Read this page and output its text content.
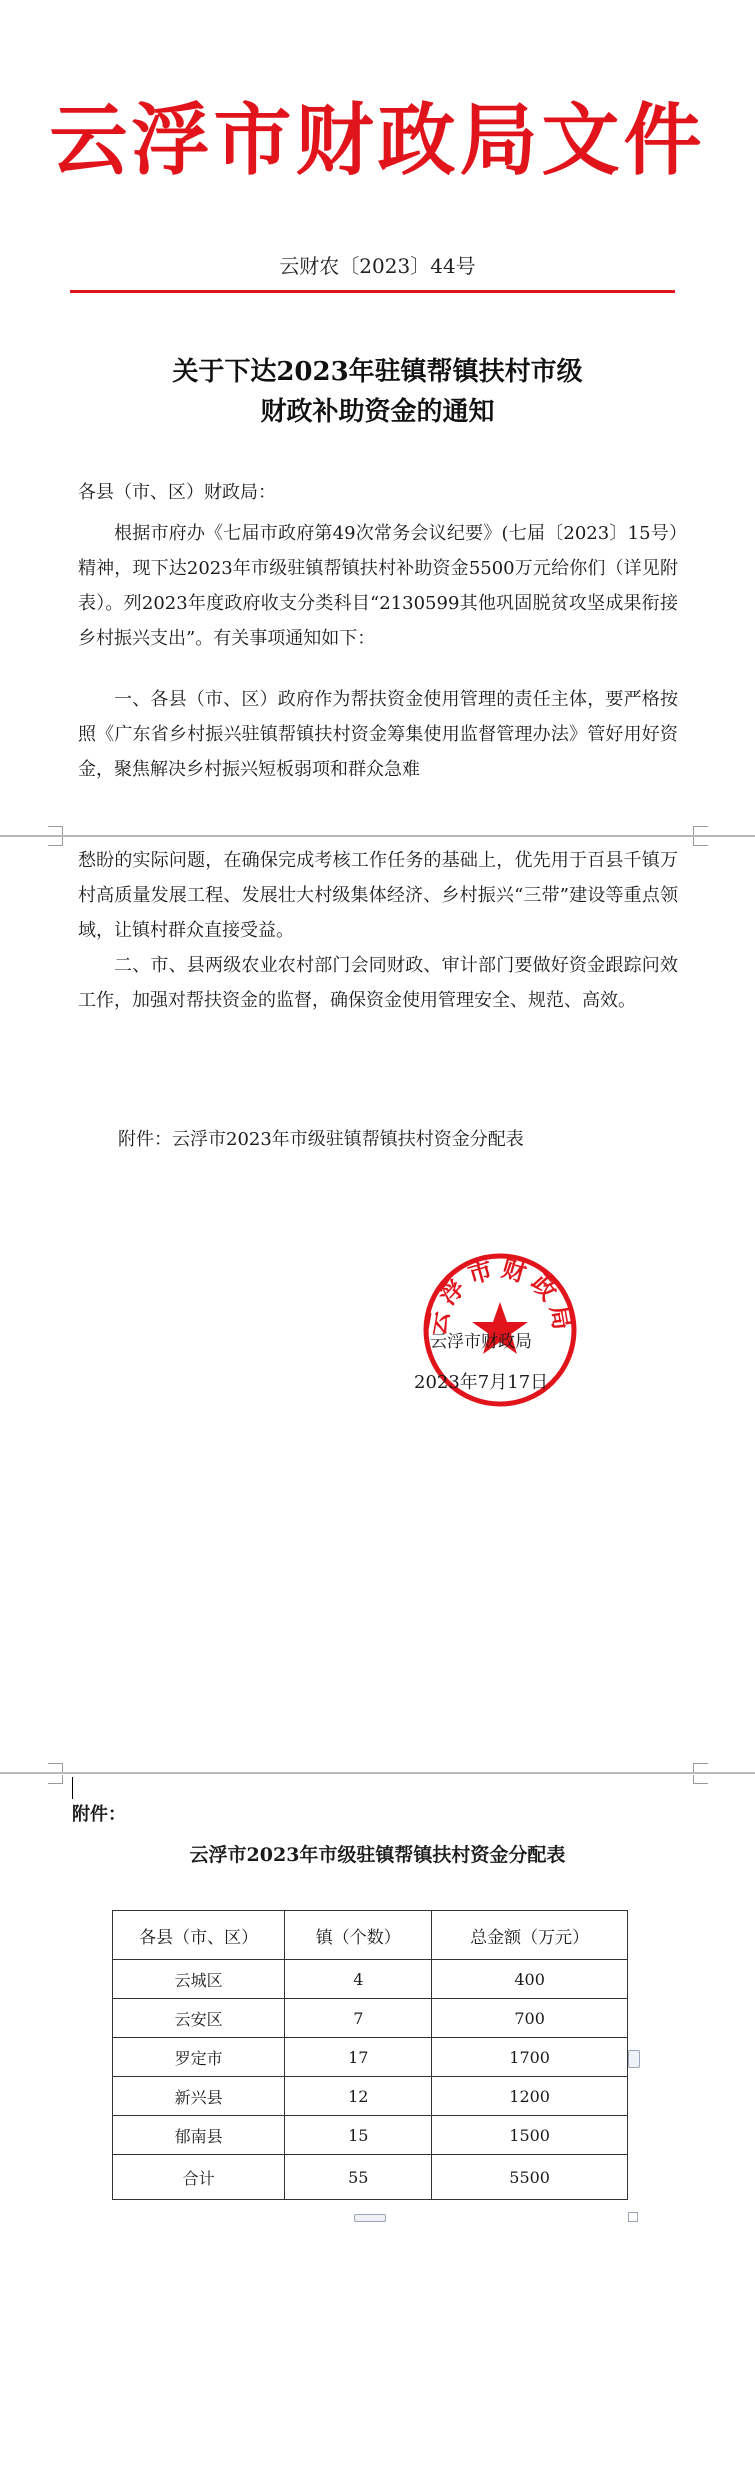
云浮市财政局文件
云财农〔2023〕44号
关于下达2023年驻镇帮镇扶村市级
财政补助资金的通知
各县（市、区）财政局：
根据市府办《七届市政府第49次常务会议纪要》(七届〔2023〕15号）精神，现下达2023年市级驻镇帮镇扶村补助资金5500万元给你们（详见附表）。列2023年度政府收支分类科目“2130599其他巩固脱贫攻坚成果衔接乡村振兴支出”。有关事项通知如下：
一、各县（市、区）政府作为帮扶资金使用管理的责任主体，要严格按照《广东省乡村振兴驻镇帮镇扶村资金筹集使用监督管理办法》管好用好资金，聚焦解决乡村振兴短板弱项和群众急难
愁盼的实际问题，在确保完成考核工作任务的基础上，优先用于百县千镇万村高质量发展工程、发展壮大村级集体经济、乡村振兴“三带”建设等重点领域，让镇村群众直接受益。
二、市、县两级农业农村部门会同财政、审计部门要做好资金跟踪问效工作，加强对帮扶资金的监督，确保资金使用管理安全、规范、高效。
附件：云浮市2023年市级驻镇帮镇扶村资金分配表
云浮市财政局
云浮市财政局
2023年7月17日
附件：
云浮市2023年市级驻镇帮镇扶村资金分配表
各县（市、区）	镇（个数）	总金额（万元）
云城区	4	400
云安区	7	700
罗定市	17	1700
新兴县	12	1200
郁南县	15	1500
合计	55	5500
